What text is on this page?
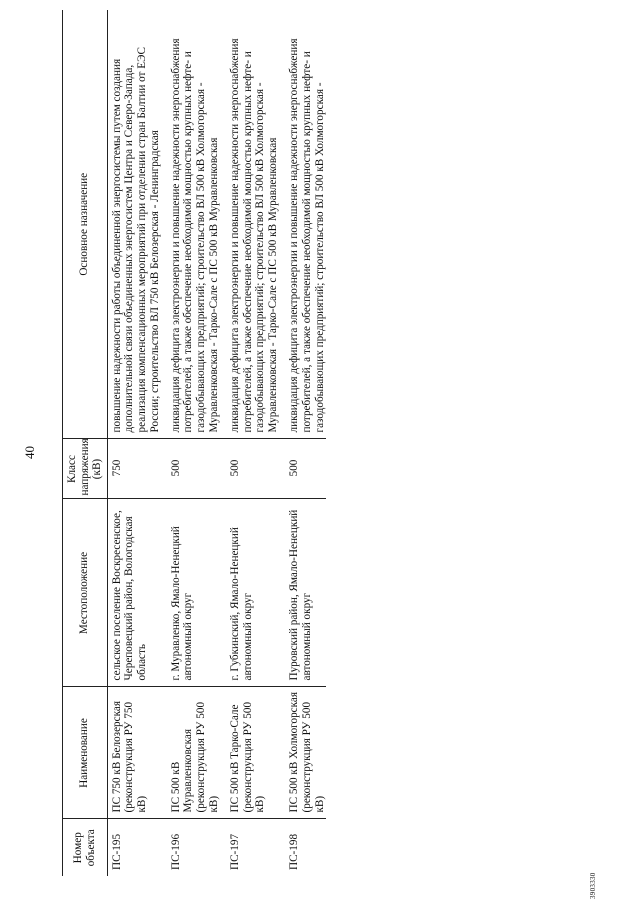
40
Номер объекта	Наименование	Местоположение	Класс напряжения (кВ)	Основное назначение
ПС-195	ПС 750 кВ Белозерская (реконструкция РУ 750 кВ)	сельское поселение Воскресенское, Череповецкий район, Вологодская область	750	повышение надежности работы объединенной энергосистемы путем создания дополнительной связи объединенных энергосистем Центра и Северо-Запада, реализация компенсационных мероприятий при отделении стран Балтии от ЕЭС России; строительство ВЛ 750 кВ Белозерская - Ленинградская
ПС-196	ПС 500 кВ Муравленковская (реконструкция РУ 500 кВ)	г. Муравленко, Ямало-Ненецкий автономный округ	500	ликвидация дефицита электроэнергии и повышение надежности энергоснабжения потребителей, а также обеспечение необходимой мощностью крупных нефте- и газодобывающих предприятий; строительство ВЛ 500 кВ Холмогорская - Муравленковская - Тарко-Сале с ПС 500 кВ Муравленковская
ПС-197	ПС 500 кВ Тарко-Сале (реконструкция РУ 500 кВ)	г. Губкинский, Ямало-Ненецкий автономный округ	500	ликвидация дефицита электроэнергии и повышение надежности энергоснабжения потребителей, а также обеспечение необходимой мощностью крупных нефте- и газодобывающих предприятий; строительство ВЛ 500 кВ Холмогорская - Муравленковская - Тарко-Сале с ПС 500 кВ Муравленковская
ПС-198	ПС 500 кВ Холмогорская (реконструкция РУ 500 кВ)	Пуровский район, Ямало-Ненецкий автономный округ	500	ликвидация дефицита электроэнергии и повышение надежности энергоснабжения потребителей, а также обеспечение необходимой мощностью крупных нефте- и газодобывающих предприятий; строительство ВЛ 500 кВ Холмогорская -
3903330
